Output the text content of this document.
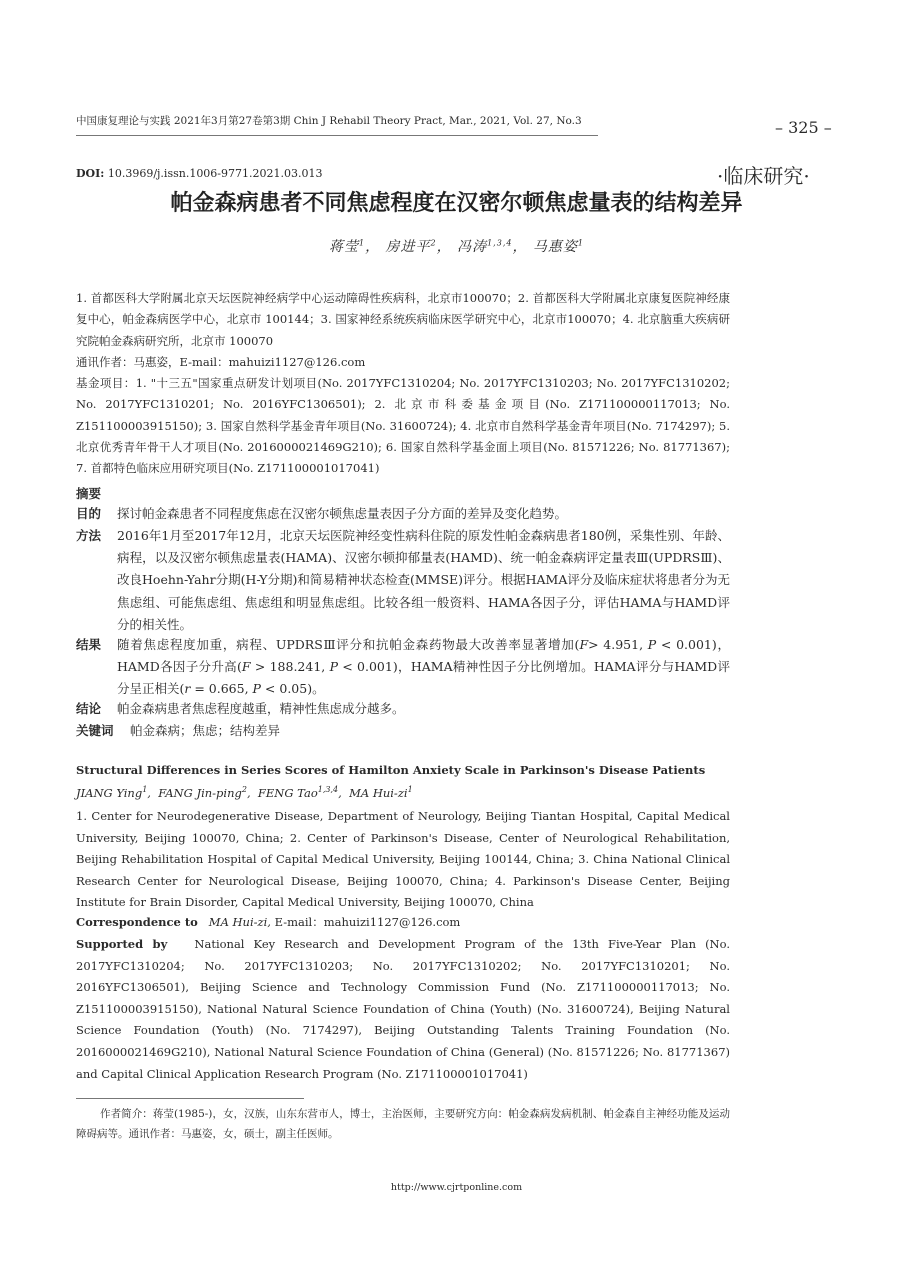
中国康复理论与实践 2021年3月第27卷第3期 Chin J Rehabil Theory Pract, Mar., 2021, Vol. 27, No.3	– 325 –
DOI: 10.3969/j.issn.1006-9771.2021.03.013	·临床研究·
帕金森病患者不同焦虑程度在汉密尔顿焦虑量表的结构差异
蒋莹$^1$， 房进平$^2$， 冯涛$^{1,3,4}$， 马惠姿$^1$
1. 首都医科大学附属北京天坛医院神经病学中心运动障碍性疾病科，北京市100070；2. 首都医科大学附属北京康复医院神经康复中心，帕金森病医学中心，北京市 100144；3. 国家神经系统疾病临床医学研究中心，北京市100070；4. 北京脑重大疾病研究院帕金森病研究所，北京市 100070
通讯作者：马惠姿，E-mail：mahuizi1127@126.com
基金项目：1. "十三五"国家重点研发计划项目(No. 2017YFC1310204; No. 2017YFC1310203; No. 2017YFC1310202; No. 2017YFC1310201; No. 2016YFC1306501); 2. 北京市科委基金项目(No. Z171100000117013; No. Z151100003915150); 3. 国家自然科学基金青年项目(No. 31600724); 4. 北京市自然科学基金青年项目(No. 7174297); 5. 北京优秀青年骨干人才项目(No. 2016000021469G210); 6. 国家自然科学基金面上项目(No. 81571226; No. 81771367); 7. 首都特色临床应用研究项目(No. Z171100001017041)
摘要
目的 探讨帕金森患者不同程度焦虑在汉密尔顿焦虑量表因子分方面的差异及变化趋势。
方法 2016年1月至2017年12月，北京天坛医院神经变性病科住院的原发性帕金森病患者180例，采集性别、年龄、病程，以及汉密尔顿焦虑量表(HAMA)、汉密尔顿抑郁量表(HAMD)、统一帕金森病评定量表Ⅲ(UPDRSⅢ)、改良Hoehn-Yahr分期(H-Y分期)和简易精神状态检查(MMSE)评分。根据HAMA评分及临床症状将患者分为无焦虑组、可能焦虑组、焦虑组和明显焦虑组。比较各组一般资料、HAMA各因子分，评估HAMA与HAMD评分的相关性。
结果 随着焦虑程度加重，病程、UPDRSⅢ评分和抗帕金森药物最大改善率显著增加(F> 4.951, P < 0.001)，HAMD各因子分升高(F > 188.241, P < 0.001)，HAMA精神性因子分比例增加。HAMA评分与HAMD评分呈正相关(r = 0.665, P < 0.05)。
结论 帕金森病患者焦虑程度越重，精神性焦虑成分越多。
关键词 帕金森病；焦虑；结构差异
Structural Differences in Series Scores of Hamilton Anxiety Scale in Parkinson's Disease Patients
JIANG Ying$^1$,  FANG Jin-ping$^2$,  FENG Tao$^{1,3,4}$,  MA Hui-$zi^1$
1. Center for Neurodegenerative Disease, Department of Neurology, Beijing Tiantan Hospital, Capital Medical University, Beijing 100070, China; 2. Center of Parkinson's Disease, Center of Neurological Rehabilitation, Beijing Rehabilitation Hospital of Capital Medical University, Beijing 100144, China; 3. China National Clinical Research Center for Neurological Disease, Beijing 100070, China; 4. Parkinson's Disease Center, Beijing Institute for Brain Disorder, Capital Medical University, Beijing 100070, China
Correspondence to MA Hui-zi, E-mail：mahuizi1127@126.com
Supported by National Key Research and Development Program of the 13th Five-Year Plan (No. 2017YFC1310204; No. 2017YFC1310203; No. 2017YFC1310202; No. 2017YFC1310201; No. 2016YFC1306501), Beijing Science and Technology Commission Fund (No. Z171100000117013; No. Z151100003915150), National Natural Science Foundation of China (Youth) (No. 31600724), Beijing Natural Science Foundation (Youth) (No. 7174297), Beijing Outstanding Talents Training Foundation (No. 2016000021469G210), National Natural Science Foundation of China (General) (No. 81571226; No. 81771367) and Capital Clinical Application Research Program (No. Z171100001017041)
作者简介：蒋莹(1985-)，女，汉族，山东东营市人，博士，主治医师，主要研究方向：帕金森病发病机制、帕金森自主神经功能及运动障碍病等。通讯作者：马惠姿，女，硕士，副主任医师。
http://www.cjrtponline.com
